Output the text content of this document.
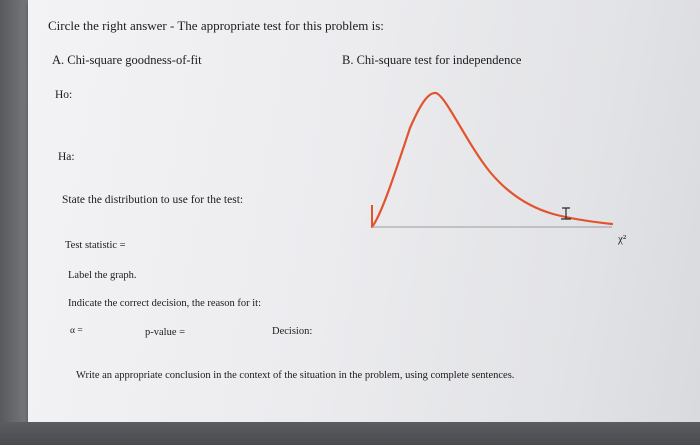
Circle the right answer - The appropriate test for this problem is:
A. Chi-square goodness-of-fit	B. Chi-square test for independence
Ho:
Ha:
State the distribution to use for the test:
Test statistic =
Label the graph.
Indicate the correct decision, the reason for it:
α =	p-value =	Decision:
Write an appropriate conclusion in the context of the situation in the problem, using complete sentences.
χ²
